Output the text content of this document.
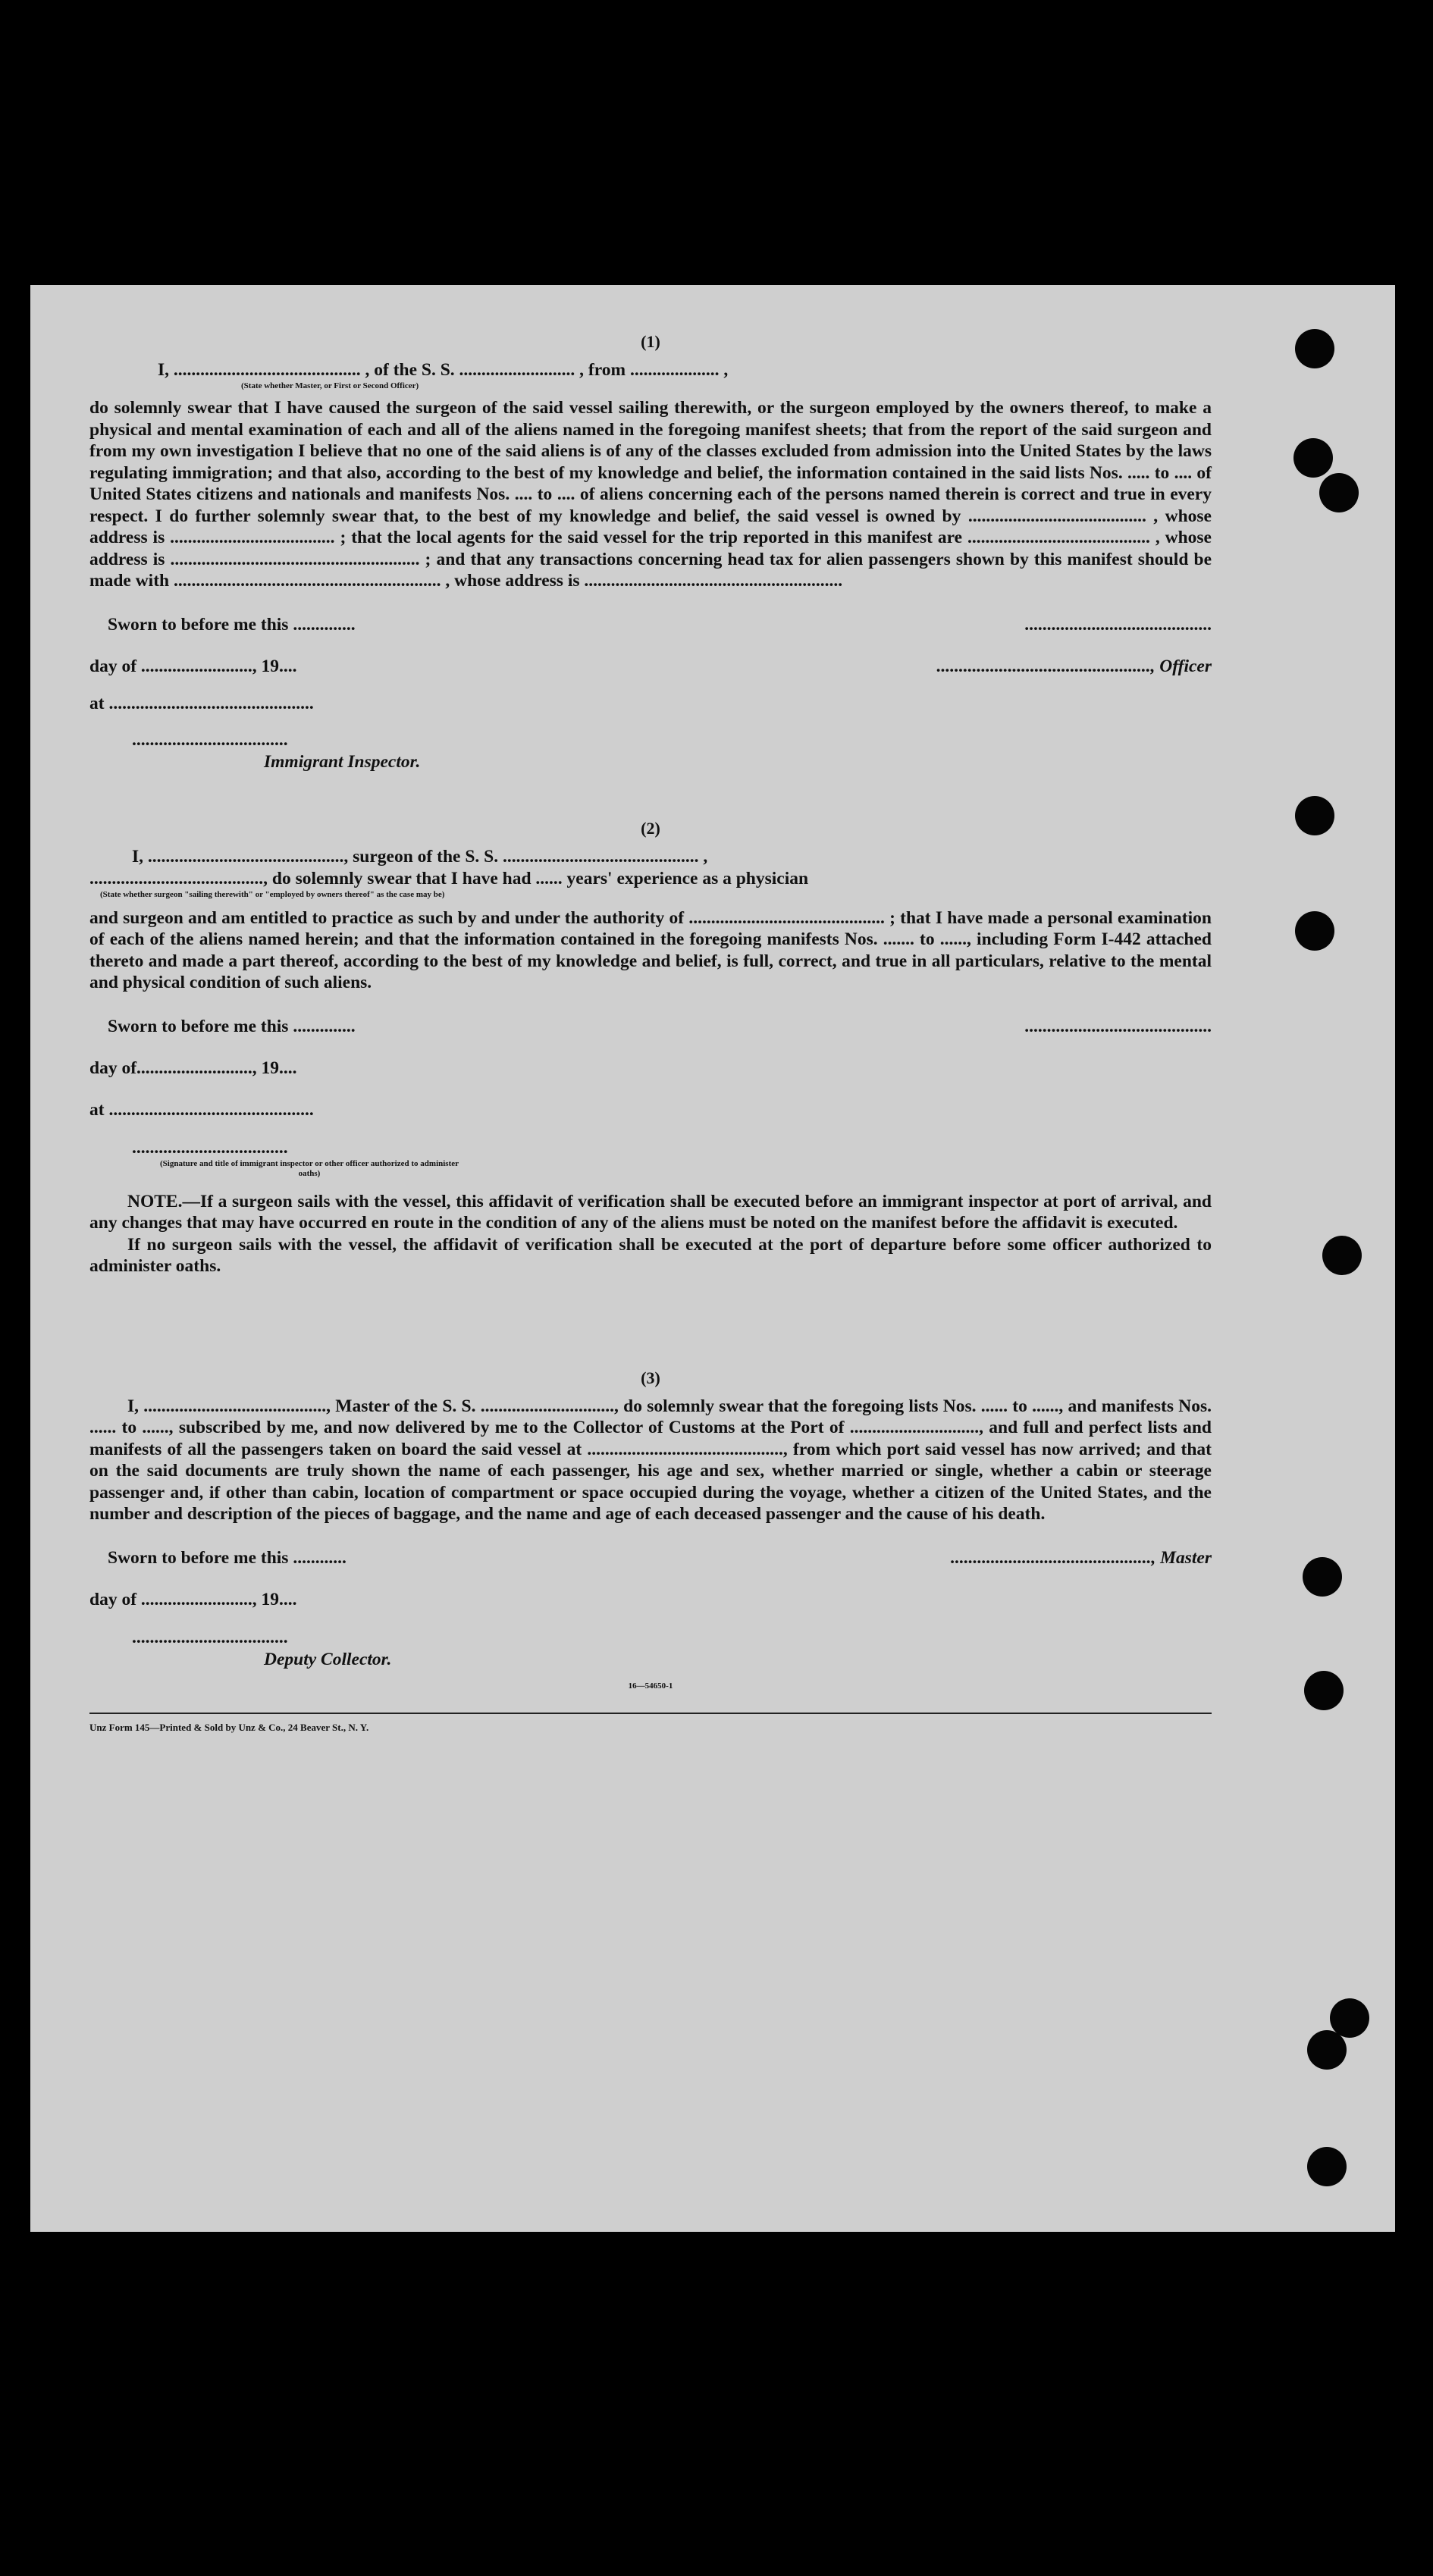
(1)
I, .......................................... , of the S. S. .......................... , from .................... ,
(State whether Master, or First or Second Officer)
do solemnly swear that I have caused the surgeon of the said vessel sailing therewith, or the surgeon employed by the owners thereof, to make a physical and mental examination of each and all of the aliens named in the foregoing manifest sheets; that from the report of the said surgeon and from my own investigation I believe that no one of the said aliens is of any of the classes excluded from admission into the United States by the laws regulating immigration; and that also, according to the best of my knowledge and belief, the information contained in the said lists Nos. ..... to .... of United States citizens and nationals and manifests Nos. .... to .... of aliens concerning each of the persons named therein is correct and true in every respect. I do further solemnly swear that, to the best of my knowledge and belief, the said vessel is owned by ........................................ , whose address is ..................................... ; that the local agents for the said vessel for the trip reported in this manifest are ......................................... , whose address is ........................................................ ; and that any transactions concerning head tax for alien passengers shown by this manifest should be made with ............................................................ , whose address is ..........................................................
Sworn to before me this ..............	..........................................
day of ........................., 19....	................................................, Officer
at ..............................................
...................................
Immigrant Inspector.
(2)
I, ............................................, surgeon of the S. S. ............................................ ,
......................................., do solemnly swear that I have had ...... years' experience as a physician
(State whether surgeon "sailing therewith" or "employed by owners thereof" as the case may be)
and surgeon and am entitled to practice as such by and under the authority of ............................................ ; that I have made a personal examination of each of the aliens named herein; and that the information contained in the foregoing manifests Nos. ....... to ......, including Form I-442 attached thereto and made a part thereof, according to the best of my knowledge and belief, is full, correct, and true in all particulars, relative to the mental and physical condition of such aliens.
Sworn to before me this ..............	..........................................
day of.........................., 19....
at ..............................................
...................................
(Signature and title of immigrant inspector or other officer authorized to administer oaths)
NOTE.—If a surgeon sails with the vessel, this affidavit of verification shall be executed before an immigrant inspector at port of arrival, and any changes that may have occurred en route in the condition of any of the aliens must be noted on the manifest before the affidavit is executed.
If no surgeon sails with the vessel, the affidavit of verification shall be executed at the port of departure before some officer authorized to administer oaths.
(3)
I, ........................................., Master of the S. S. .............................., do solemnly swear that the foregoing lists Nos. ...... to ......, and manifests Nos. ...... to ......, subscribed by me, and now delivered by me to the Collector of Customs at the Port of ............................., and full and perfect lists and manifests of all the passengers taken on board the said vessel at ............................................, from which port said vessel has now arrived; and that on the said documents are truly shown the name of each passenger, his age and sex, whether married or single, whether a cabin or steerage passenger and, if other than cabin, location of compartment or space occupied during the voyage, whether a citizen of the United States, and the number and description of the pieces of baggage, and the name and age of each deceased passenger and the cause of his death.
Sworn to before me this ............	............................................., Master
day of ........................., 19....
...................................
Deputy Collector.
16—54650-1
Unz Form 145—Printed & Sold by Unz & Co., 24 Beaver St., N. Y.
